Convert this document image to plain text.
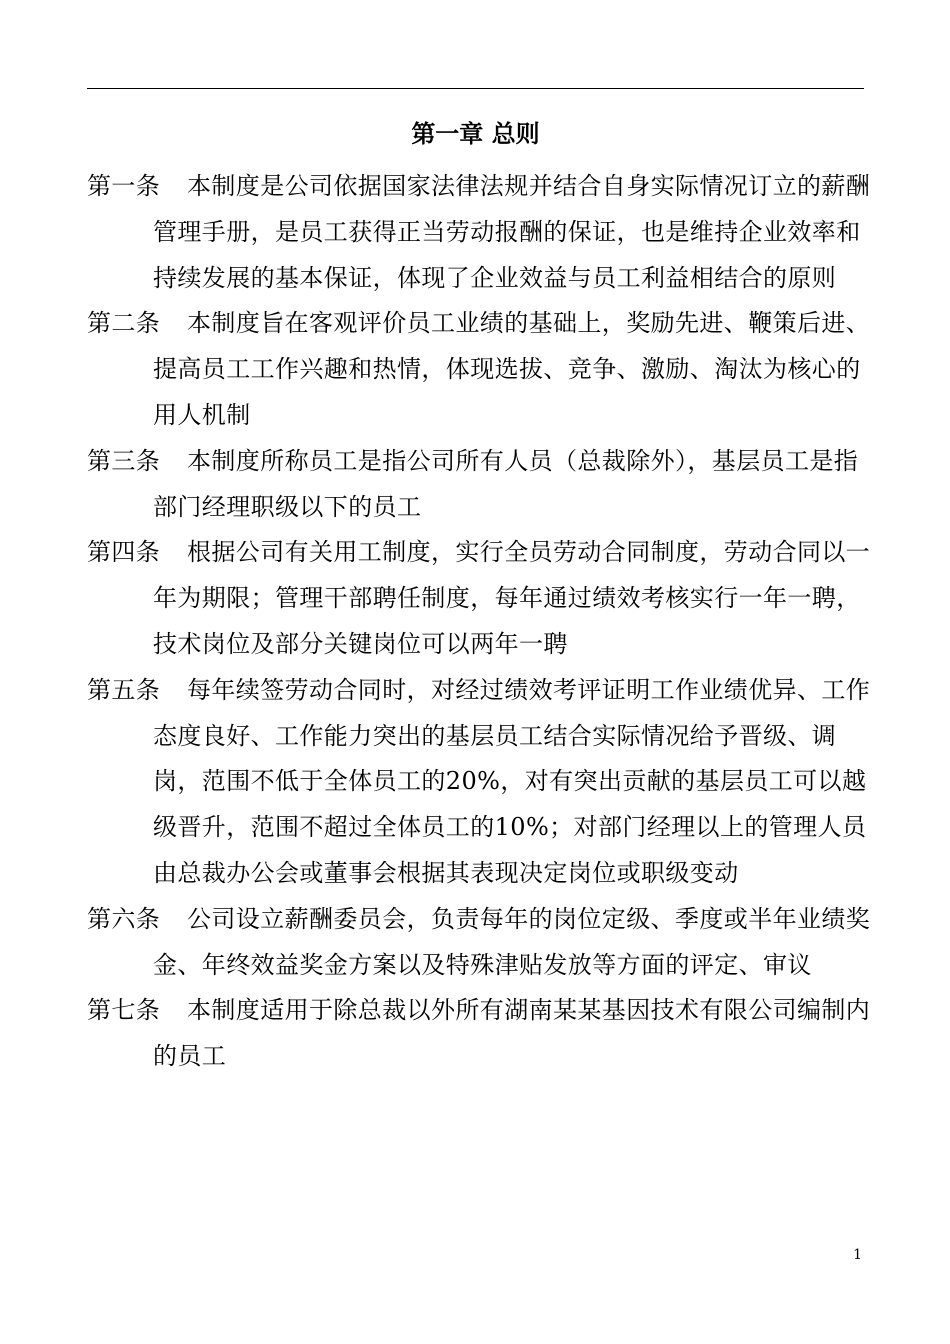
第一章 总则
第一条	本制度是公司依据国家法律法规并结合自身实际情况订立的薪酬管理手册，是员工获得正当劳动报酬的保证，也是维持企业效率和持续发展的基本保证，体现了企业效益与员工利益相结合的原则
第二条	本制度旨在客观评价员工业绩的基础上，奖励先进、鞭策后进、提高员工工作兴趣和热情，体现选拔、竞争、激励、淘汰为核心的用人机制
第三条	本制度所称员工是指公司所有人员（总裁除外），基层员工是指部门经理职级以下的员工
第四条	根据公司有关用工制度，实行全员劳动合同制度，劳动合同以一年为期限；管理干部聘任制度，每年通过绩效考核实行一年一聘，技术岗位及部分关键岗位可以两年一聘
第五条	每年续签劳动合同时，对经过绩效考评证明工作业绩优异、工作态度良好、工作能力突出的基层员工结合实际情况给予晋级、调岗，范围不低于全体员工的20%，对有突出贡献的基层员工可以越级晋升，范围不超过全体员工的10%；对部门经理以上的管理人员由总裁办公会或董事会根据其表现决定岗位或职级变动
第六条	公司设立薪酬委员会，负责每年的岗位定级、季度或半年业绩奖金、年终效益奖金方案以及特殊津贴发放等方面的评定、审议
第七条	本制度适用于除总裁以外所有湖南某某基因技术有限公司编制内的员工
1
